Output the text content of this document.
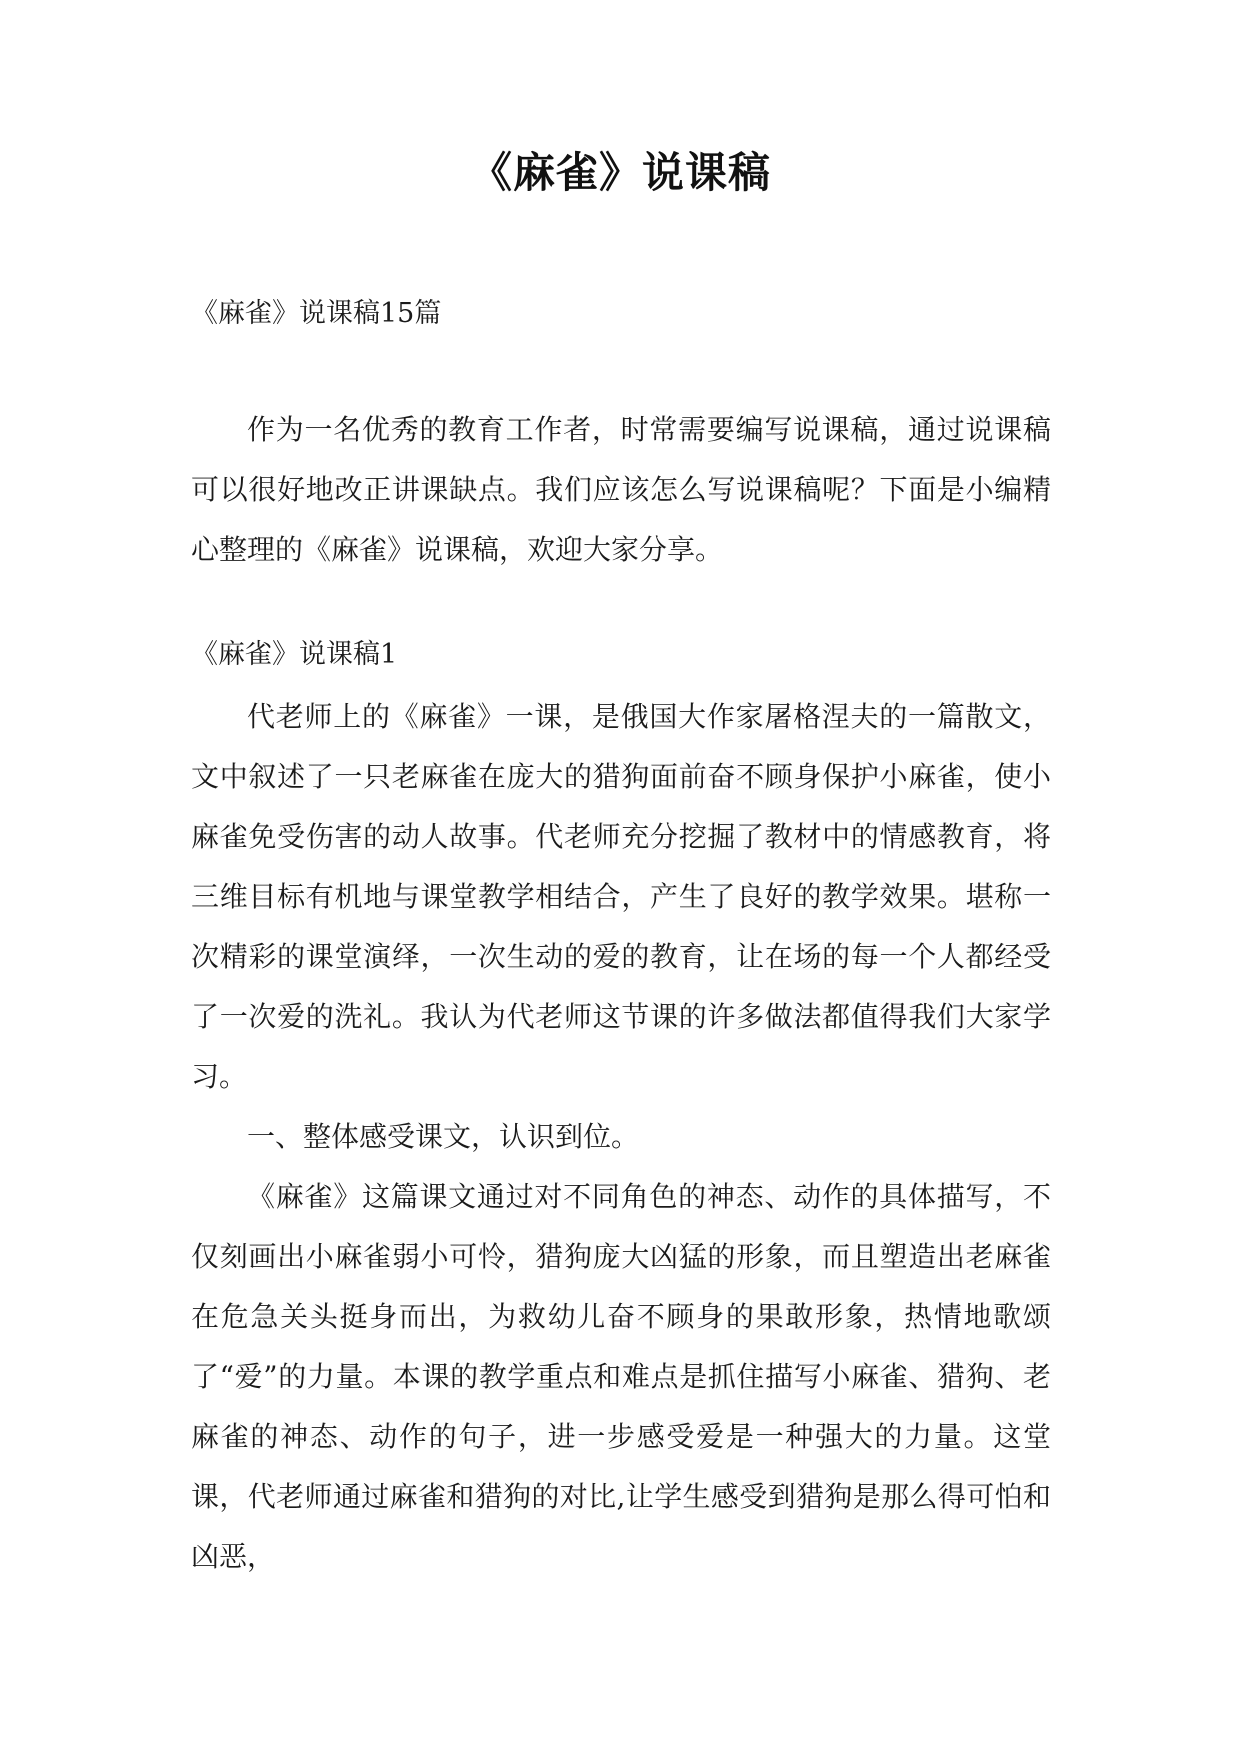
《麻雀》说课稿
《麻雀》说课稿15篇

作为一名优秀的教育工作者，时常需要编写说课稿，通过说课稿可以很好地改正讲课缺点。我们应该怎么写说课稿呢？下面是小编精心整理的《麻雀》说课稿，欢迎大家分享。

《麻雀》说课稿1

代老师上的《麻雀》一课，是俄国大作家屠格涅夫的一篇散文，文中叙述了一只老麻雀在庞大的猎狗面前奋不顾身保护小麻雀，使小麻雀免受伤害的动人故事。代老师充分挖掘了教材中的情感教育，将三维目标有机地与课堂教学相结合，产生了良好的教学效果。堪称一次精彩的课堂演绎，一次生动的爱的教育，让在场的每一个人都经受了一次爱的洗礼。我认为代老师这节课的许多做法都值得我们大家学习。

一、整体感受课文，认识到位。

《麻雀》这篇课文通过对不同角色的神态、动作的具体描写，不仅刻画出小麻雀弱小可怜，猎狗庞大凶猛的形象，而且塑造出老麻雀在危急关头挺身而出，为救幼儿奋不顾身的果敢形象，热情地歌颂了“爱”的力量。本课的教学重点和难点是抓住描写小麻雀、猎狗、老麻雀的神态、动作的句子，进一步感受爱是一种强大的力量。这堂课，代老师通过麻雀和猎狗的对比,让学生感受到猎狗是那么得可怕和凶恶，
